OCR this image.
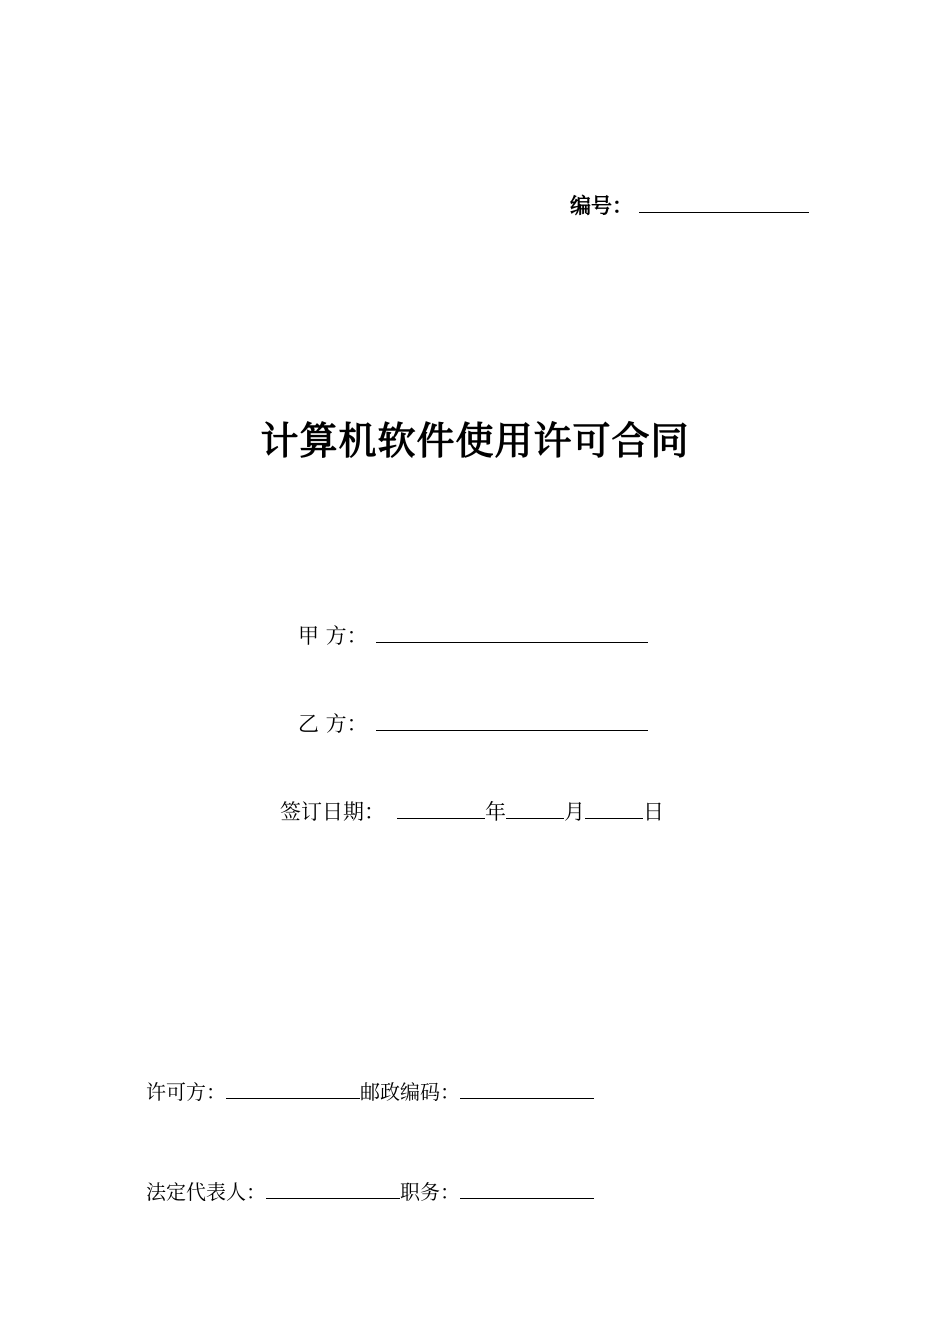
编号：
计算机软件使用许可合同
甲 方：
乙 方：
签订日期：	年	月	日
许可方：	邮政编码：
法定代表人：	职务：
